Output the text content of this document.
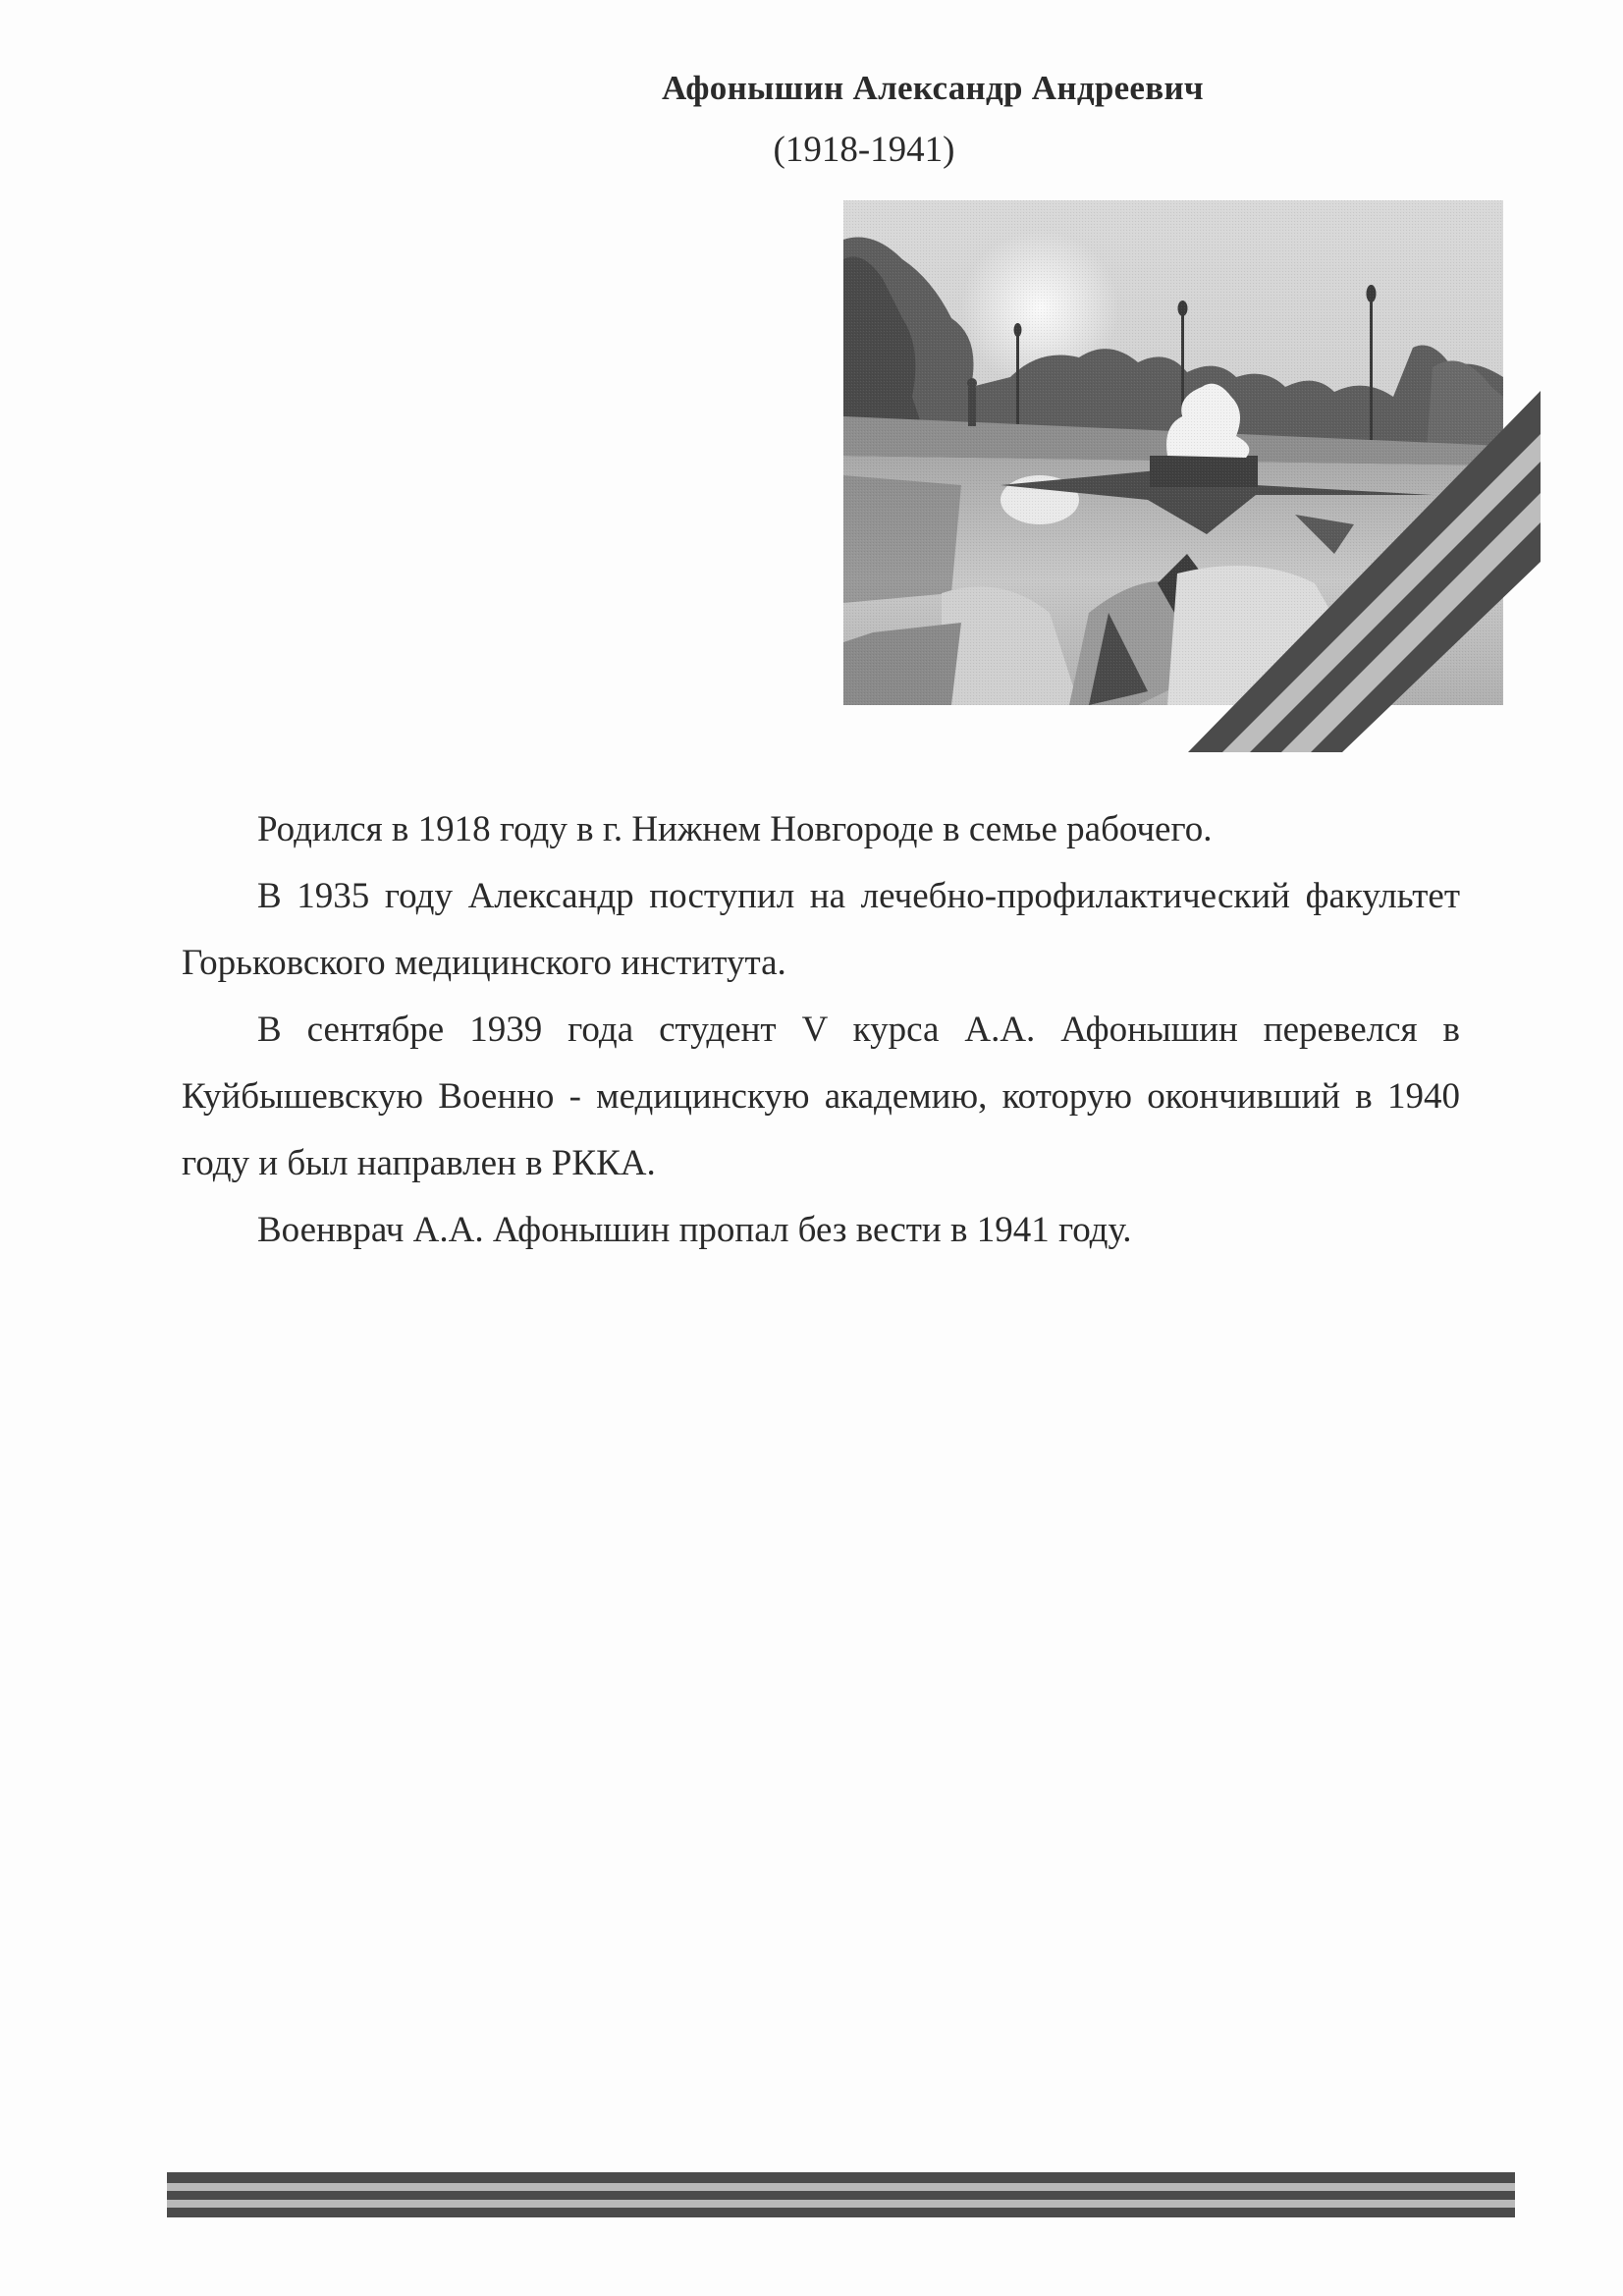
Афонышин Александр Андреевич
(1918-1941)

Родился в 1918 году в г. Нижнем Новгороде в семье рабочего.

В 1935 году Александр поступил на лечебно-профилактический факультет Горьковского медицинского института.

В сентябре 1939 года студент V курса А.А. Афонышин перевелся в Куйбышевскую Военно - медицинскую академию, которую окончивший в 1940 году и был направлен в РККА.

Военврач А.А. Афонышин пропал без вести в 1941 году.
